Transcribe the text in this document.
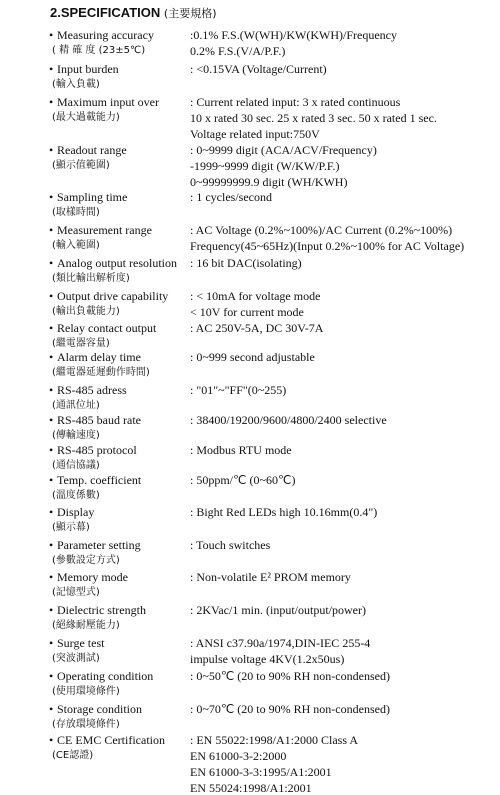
2.SPECIFICATION (主要規格)
• Measuring accuracy
( 精 確 度 (23±5℃)
:0.1% F.S.(W(WH)/KW(KWH)/Frequency
0.2% F.S.(V/A/P.F.)
• Input burden
(輸入負載)
: <0.15VA (Voltage/Current)
• Maximum input over
(最大過載能力)
: Current related input: 3 x rated continuous
10 x rated 30 sec. 25 x rated 3 sec. 50 x rated 1 sec.
Voltage related input:750V
• Readout range
(顯示值範圍)
: 0~9999 digit (ACA/ACV/Frequency)
-1999~9999 digit (W/KW/P.F.)
0~99999999.9 digit (WH/KWH)
• Sampling time
(取樣時間)
: 1 cycles/second
• Measurement range
(輸入範圍)
: AC Voltage (0.2%~100%)/AC Current (0.2%~100%)
Frequency(45~65Hz)(Input 0.2%~100% for AC Voltage)
• Analog output resolution
(類比輸出解析度)
: 16 bit DAC(isolating)
• Output drive capability
(輸出負載能力)
: < 10mA for voltage mode
< 10V for current mode
• Relay contact output
(繼電器容量)
: AC 250V-5A, DC 30V-7A
• Alarm delay time
(繼電器延遲動作時間)
: 0~999 second adjustable
• RS-485 adress
(通訊位址)
: "01"~"FF"(0~255)
• RS-485 baud rate
(傳輸速度)
: 38400/19200/9600/4800/2400 selective
• RS-485 protocol
(通信協議)
: Modbus RTU mode
• Temp. coefficient
(溫度係數)
: 50ppm/℃ (0~60℃)
• Display
(顯示幕)
: Bight Red LEDs high 10.16mm(0.4")
• Parameter setting
(參數設定方式)
: Touch switches
• Memory mode
(記憶型式)
: Non-volatile E² PROM memory
• Dielectric strength
(絕緣耐壓能力)
: 2KVac/1 min. (input/output/power)
• Surge test
(突波測試)
: ANSI c37.90a/1974,DIN-IEC 255-4
impulse voltage 4KV(1.2x50us)
• Operating condition
(使用環境條件)
: 0~50℃ (20 to 90% RH non-condensed)
• Storage condition
(存放環境條件)
: 0~70℃ (20 to 90% RH non-condensed)
• CE EMC Certification
(CE認證)
: EN 55022:1998/A1:2000 Class A
EN 61000-3-2:2000
EN 61000-3-3:1995/A1:2001
EN 55024:1998/A1:2001
